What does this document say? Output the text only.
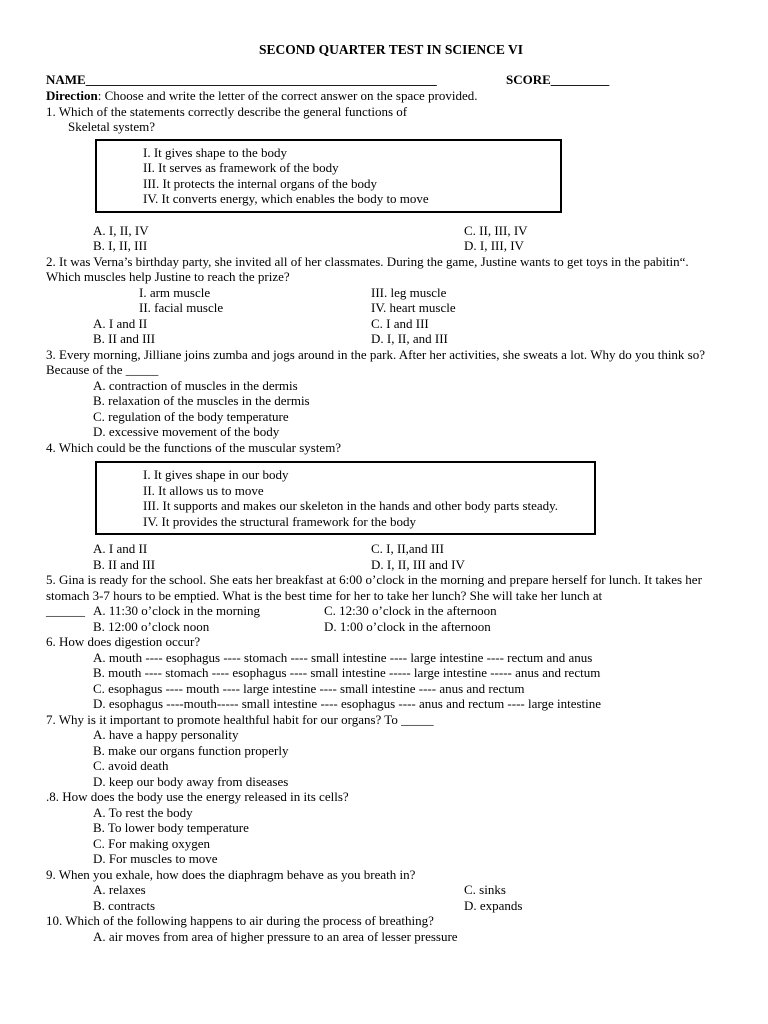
SECOND QUARTER TEST IN SCIENCE VI
NAME______________________________________________________	SCORE_________
Direction: Choose and write the letter of the correct answer on the space provided.
1. Which of the statements correctly describe the general functions of
Skeletal system?
I. It gives shape to the body
II. It serves as framework of the body
III. It protects the internal organs of the body
IV. It converts energy, which enables the body to move
A. I, II, IV	C. II, III, IV
B. I, II, III	D. I, III, IV
2. It was Verna’s birthday party, she invited all of her classmates. During the game, Justine wants to get toys in the pabitin“. Which muscles help Justine to reach the prize?
I. arm muscle	III. leg muscle
II. facial muscle	IV. heart muscle
A. I and II	C. I and III
B. II and III	D. I, II, and III
3. Every morning, Jilliane joins zumba and jogs around in the park. After her activities, she sweats a lot. Why do you think so? Because of the _____
A. contraction of muscles in the dermis
B. relaxation of the muscles in the dermis
C. regulation of the body temperature
D. excessive movement of the body
4. Which could be the functions of the muscular system?
I. It gives shape in our body
II. It allows us to move
III. It supports and makes our skeleton in the hands and other body parts steady.
IV. It provides the structural framework for the body
A. I and II	C. I, II,and III
B. II and III	D. I, II, III and IV
5. Gina is ready for the school. She eats her breakfast at 6:00 o’clock in the morning and prepare herself for lunch. It takes her stomach 3-7 hours to be emptied. What is the best time for her to take her lunch? She will take her lunch at
______ A. 11:30 o’clock in the morning	C. 12:30 o’clock in the afternoon
B. 12:00 o’clock noon	D. 1:00 o’clock in the afternoon
6. How does digestion occur?
A. mouth ---- esophagus ---- stomach ---- small intestine ---- large intestine ---- rectum and anus
B. mouth ---- stomach ---- esophagus ---- small intestine ----- large intestine ----- anus and rectum
C. esophagus ---- mouth ---- large intestine ---- small intestine ---- anus and rectum
D. esophagus ----mouth----- small intestine ---- esophagus ---- anus and rectum ---- large intestine
7. Why is it important to promote healthful habit for our organs? To _____
A. have a happy personality
B. make our organs function properly
C. avoid death
D. keep our body away from diseases
.8. How does the body use the energy released in its cells?
A. To rest the body
B. To lower body temperature
C. For making oxygen
D. For muscles to move
9. When you exhale, how does the diaphragm behave as you breath in?
A. relaxes	C. sinks
B. contracts	D. expands
10. Which of the following happens to air during the process of breathing?
A. air moves from area of higher pressure to an area of lesser pressure
